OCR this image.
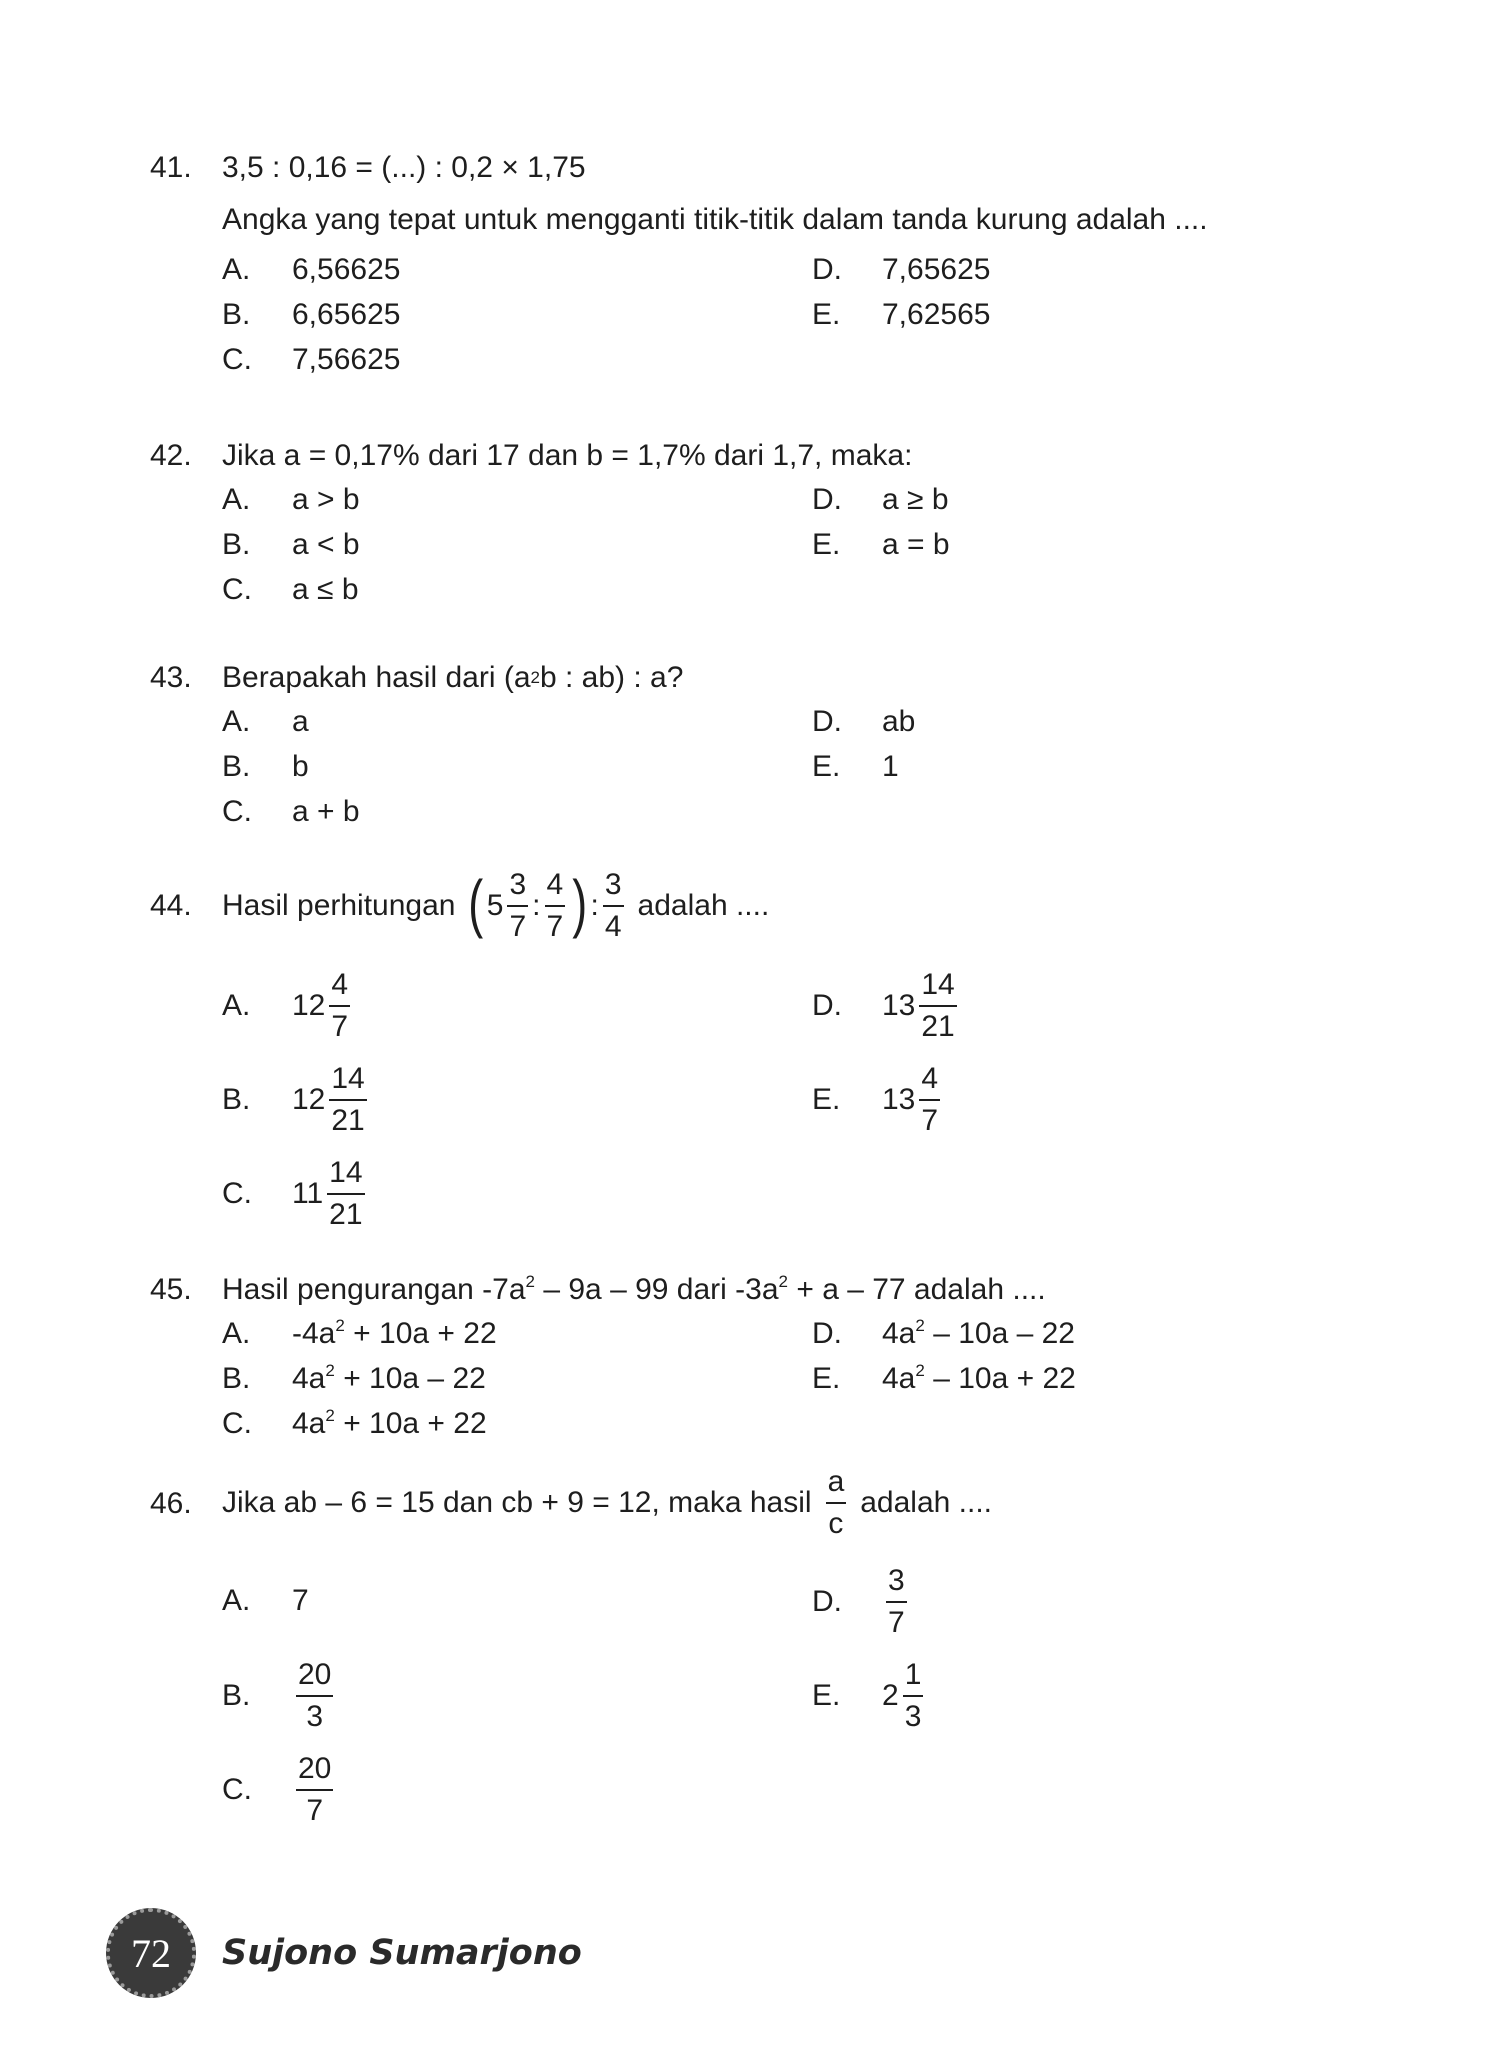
41.	3,5 : 0,16 = (...) : 0,2 × 1,75
Angka yang tepat untuk mengganti titik-titik dalam tanda kurung adalah ....
A.	6,56625
B.	6,65625
C.	7,56625
D.	7,65625
E.	7,62565
42.	Jika a = 0,17% dari 17 dan b = 1,7% dari 1,7, maka:
A.	a > b
B.	a < b
C.	a ≤ b
D.	a ≥ b
E.	a = b
43.	Berapakah hasil dari (a 2 b : ab) : a?
A.	a
B.	b
C.	a + b
D.	ab
E.	1
44.	Hasil perhitungan ( $5 \frac{3}{7}$ : $\frac{4}{7}$ ) : $\frac{3}{4}$ adalah ....
A.	$12 \frac{4}{7}$
B.	$12 \frac{14}{21}$
C.	$11 \frac{14}{21}$
D.	$13 \frac{14}{21}$
E.	$13 \frac{4}{7}$
45.	Hasil pengurangan $-7a^2 - 9a - 99$ dari $-3a^2 + a - 77$ adalah ....
A.	$-4a^2 + 10a + 22$
B.	$4a^2 + 10a - 22$
C.	$4a^2 + 10a + 22$
D.	$4a^2 - 10a - 22$
E.	$4a^2 - 10a + 22$
46.	Jika ab – 6 = 15 dan cb + 9 = 12, maka hasil $\frac{a}{c}$ adalah ....
A.	7
B.	$\frac{20}{3}$
C.	$\frac{20}{7}$
D.	$\frac{3}{7}$
E.	$2 \frac{1}{3}$
72	Sujono Sumarjono
